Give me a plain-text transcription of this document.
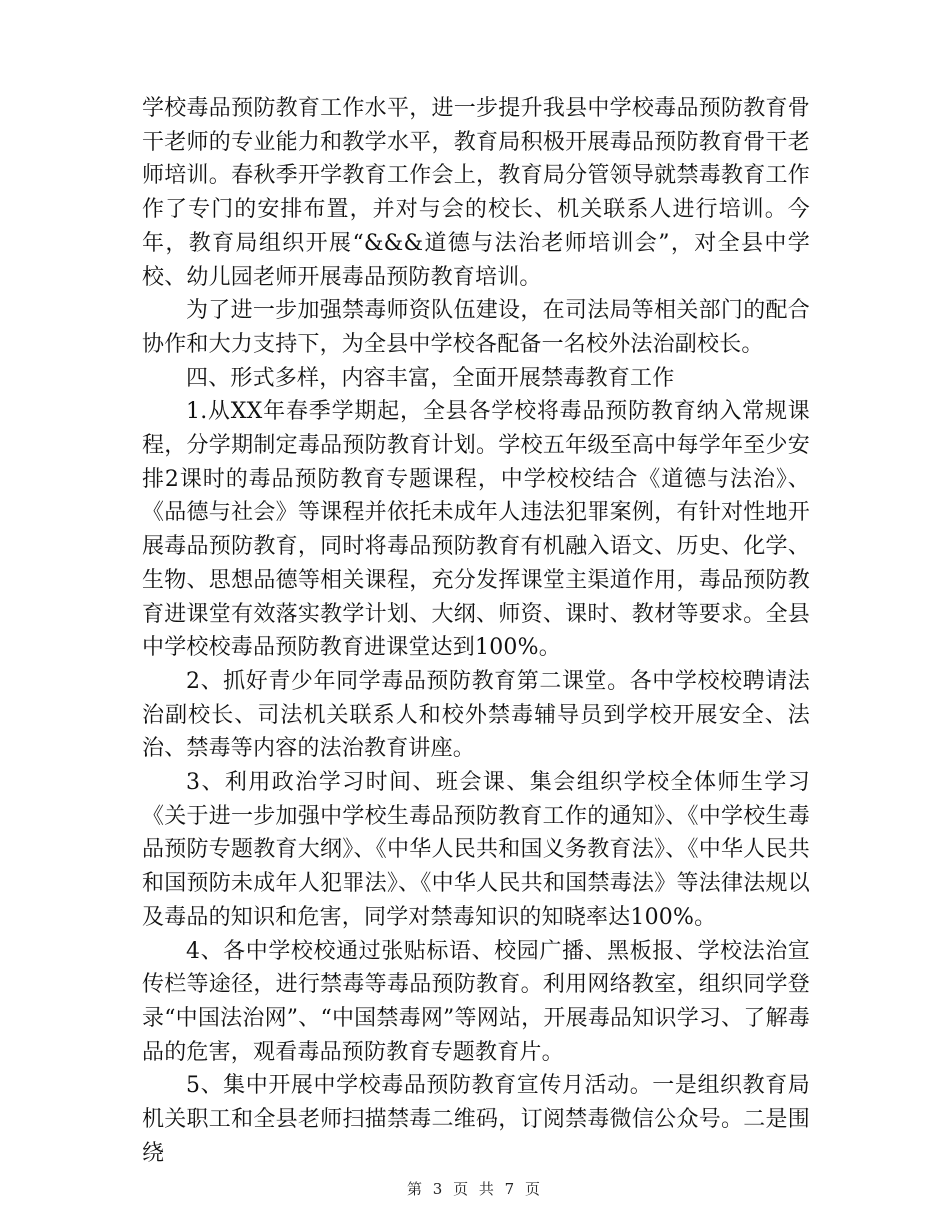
学校毒品预防教育工作水平，进一步提升我县中学校毒品预防教育骨干老师的专业能力和教学水平，教育局积极开展毒品预防教育骨干老师培训。春秋季开学教育工作会上，教育局分管领导就禁毒教育工作作了专门的安排布置，并对与会的校长、机关联系人进行培训。今年，教育局组织开展“&&&道德与法治老师培训会”，对全县中学校、幼儿园老师开展毒品预防教育培训。

为了进一步加强禁毒师资队伍建设，在司法局等相关部门的配合协作和大力支持下，为全县中学校各配备一名校外法治副校长。

四、形式多样，内容丰富，全面开展禁毒教育工作

1.从XX年春季学期起，全县各学校将毒品预防教育纳入常规课程，分学期制定毒品预防教育计划。学校五年级至高中每学年至少安排2课时的毒品预防教育专题课程，中学校校结合《道德与法治》、《品德与社会》等课程并依托未成年人违法犯罪案例，有针对性地开展毒品预防教育，同时将毒品预防教育有机融入语文、历史、化学、生物、思想品德等相关课程，充分发挥课堂主渠道作用，毒品预防教育进课堂有效落实教学计划、大纲、师资、课时、教材等要求。全县中学校校毒品预防教育进课堂达到100%。

2、抓好青少年同学毒品预防教育第二课堂。各中学校校聘请法治副校长、司法机关联系人和校外禁毒辅导员到学校开展安全、法治、禁毒等内容的法治教育讲座。

3、利用政治学习时间、班会课、集会组织学校全体师生学习《关于进一步加强中学校生毒品预防教育工作的通知》、《中学校生毒品预防专题教育大纲》、《中华人民共和国义务教育法》、《中华人民共和国预防未成年人犯罪法》、《中华人民共和国禁毒法》等法律法规以及毒品的知识和危害，同学对禁毒知识的知晓率达100%。

4、各中学校校通过张贴标语、校园广播、黑板报、学校法治宣传栏等途径，进行禁毒等毒品预防教育。利用网络教室，组织同学登录“中国法治网”、“中国禁毒网”等网站，开展毒品知识学习、了解毒品的危害，观看毒品预防教育专题教育片。

5、集中开展中学校毒品预防教育宣传月活动。一是组织教育局机关职工和全县老师扫描禁毒二维码，订阅禁毒微信公众号。二是围绕

第 3 页 共 7 页
